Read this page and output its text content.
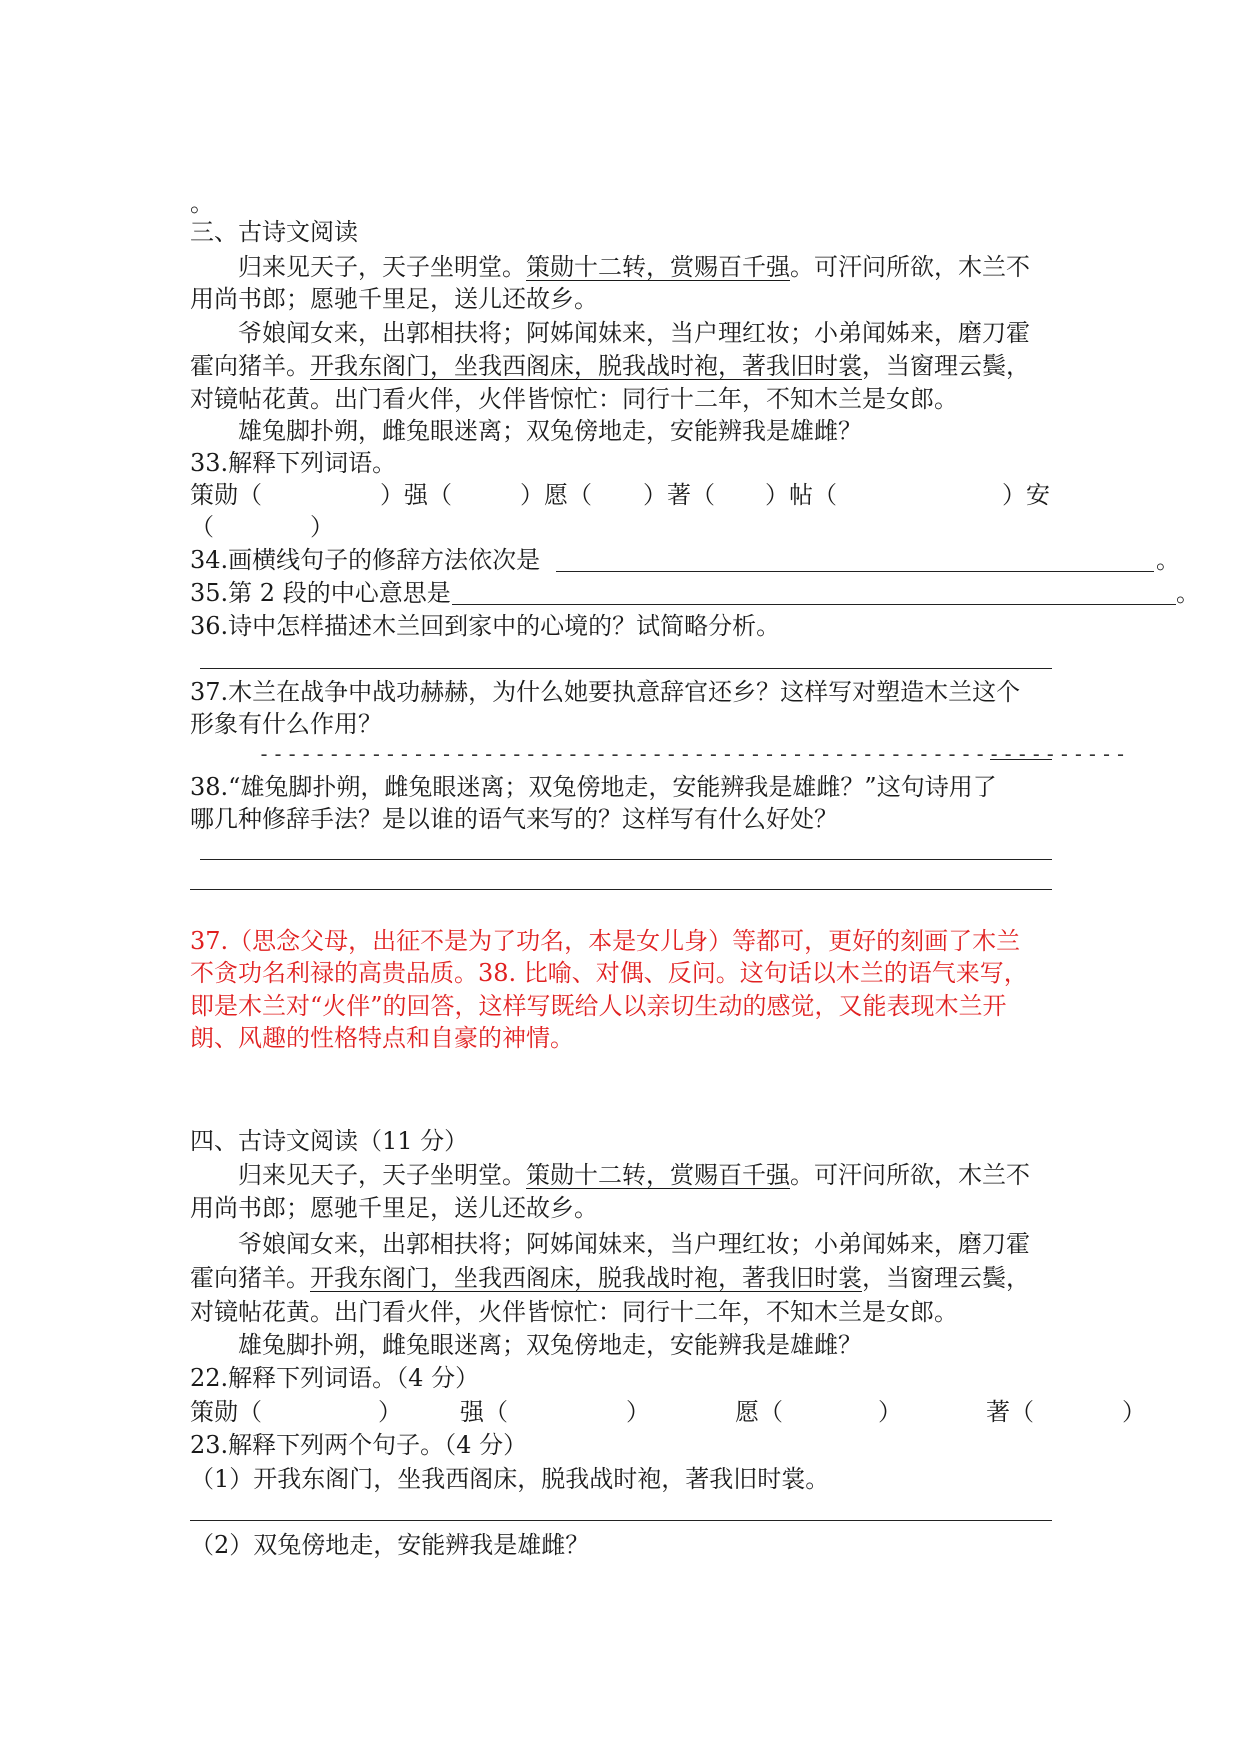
。
三、古诗文阅读
归来见天子，天子坐明堂。策勋十二转，赏赐百千强。可汗问所欲，木兰不
用尚书郎；愿驰千里足，送儿还故乡。
爷娘闻女来，出郭相扶将；阿姊闻妹来，当户理红妆；小弟闻姊来，磨刀霍
霍向猪羊。开我东阁门，坐我西阁床，脱我战时袍，著我旧时裳，当窗理云鬓，
对镜帖花黄。出门看火伴，火伴皆惊忙：同行十二年，不知木兰是女郎。
雄兔脚扑朔，雌兔眼迷离；双兔傍地走，安能辨我是雄雌？
33.解释下列词语。
策勋（	）强（	）愿（ ）著（ ）帖（	）安
（　　　　）
34.画横线句子的修辞方法依次是	。
35.第 2 段的中心意思是	。
36.诗中怎样描述木兰回到家中的心境的？试简略分析。
37.木兰在战争中战功赫赫，为什么她要执意辞官还乡？这样写对塑造木兰这个
形象有什么作用？
--------------------------------------------------------------
38.“雄兔脚扑朔，雌兔眼迷离；双兔傍地走，安能辨我是雄雌？”这句诗用了
哪几种修辞手法？是以谁的语气来写的？这样写有什么好处？
37.（思念父母，出征不是为了功名，本是女儿身）等都可，更好的刻画了木兰
不贪功名利禄的高贵品质。38. 比喻、对偶、反问。这句话以木兰的语气来写，
即是木兰对“火伴”的回答，这样写既给人以亲切生动的感觉，又能表现木兰开
朗、风趣的性格特点和自豪的神情。
四、古诗文阅读（11 分）
归来见天子，天子坐明堂。策勋十二转，赏赐百千强。可汗问所欲，木兰不
用尚书郎；愿驰千里足，送儿还故乡。
爷娘闻女来，出郭相扶将；阿姊闻妹来，当户理红妆；小弟闻姊来，磨刀霍
霍向猪羊。开我东阁门，坐我西阁床，脱我战时袍，著我旧时裳，当窗理云鬓，
对镜帖花黄。出门看火伴，火伴皆惊忙：同行十二年，不知木兰是女郎。
雄兔脚扑朔，雌兔眼迷离；双兔傍地走，安能辨我是雄雌？
22.解释下列词语。（4 分）
策勋（	） 强（	）	愿（	）	著（	）
23.解释下列两个句子。（4 分）
（1）开我东阁门，坐我西阁床，脱我战时袍，著我旧时裳。
（2）双兔傍地走，安能辨我是雄雌？
